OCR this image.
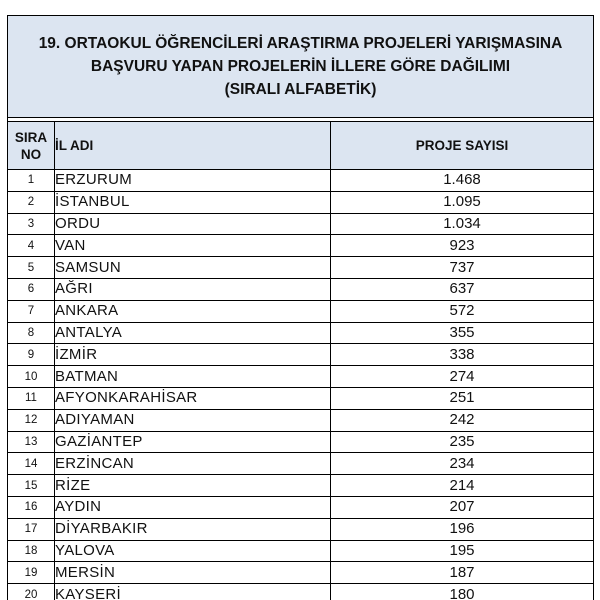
19. ORTAOKUL ÖĞRENCİLERİ ARAŞTIRMA PROJELERİ YARIŞMASINA
BAŞVURU YAPAN PROJELERİN İLLERE GÖRE DAĞILIMI
(SIRALI ALFABETİK)		

SIRA
NO	İL ADI	PROJE SAYISI
1	ERZURUM	1.468
2	İSTANBUL	1.095
3	ORDU	1.034
4	VAN	923
5	SAMSUN	737
6	AĞRI	637
7	ANKARA	572
8	ANTALYA	355
9	İZMİR	338
10	BATMAN	274
11	AFYONKARAHİSAR	251
12	ADIYAMAN	242
13	GAZİANTEP	235
14	ERZİNCAN	234
15	RİZE	214
16	AYDIN	207
17	DİYARBAKIR	196
18	YALOVA	195
19	MERSİN	187
20	KAYSERİ	180
